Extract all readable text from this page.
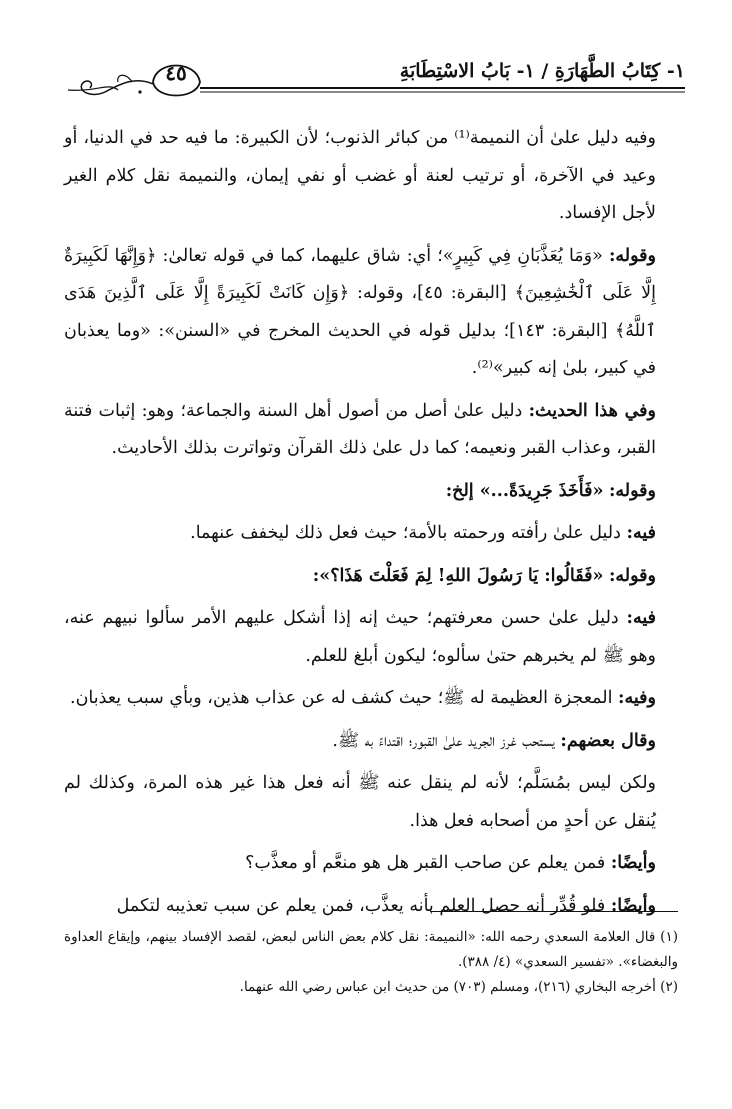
٤٥	١- كِتَابُ الطَّهَارَةِ / ١- بَابُ الاسْتِطَابَةِ

وفيه دليل علىٰ أن النميمة⁽¹⁾ من كبائر الذنوب؛ لأن الكبيرة: ما فيه حد في الدنيا، أو وعيد في الآخرة، أو ترتيب لعنة أو غضب أو نفي إيمان، والنميمة نقل كلام الغير لأجل الإفساد.

وقوله: «وَمَا يُعَذَّبَانِ فِي كَبِيرٍ»؛ أي: شاق عليهما، كما في قوله تعالىٰ: ﴿وَإِنَّهَا لَكَبِيرَةٌ إِلَّا عَلَى ٱلْخَٰشِعِينَ﴾ [البقرة: ٤٥]، وقوله: ﴿وَإِن كَانَتْ لَكَبِيرَةً إِلَّا عَلَى ٱلَّذِينَ هَدَى ٱللَّهُ﴾ [البقرة: ١٤٣]؛ بدليل قوله في الحديث المخرج في «السنن»: «وما يعذبان في كبير، بلىٰ إنه كبير»⁽²⁾.

وفي هذا الحديث: دليل علىٰ أصل من أصول أهل السنة والجماعة؛ وهو: إثبات فتنة القبر، وعذاب القبر ونعيمه؛ كما دل علىٰ ذلك القرآن وتواترت بذلك الأحاديث.

وقوله: «فَأَخَذَ جَرِيدَةً...» إلخ:

فيه: دليل علىٰ رأفته ورحمته بالأمة؛ حيث فعل ذلك ليخفف عنهما.

وقوله: «فَقَالُوا: يَا رَسُولَ اللهِ! لِمَ فَعَلْتَ هَذَا؟»:

فيه: دليل علىٰ حسن معرفتهم؛ حيث إنه إذا أشكل عليهم الأمر سألوا نبيهم عنه، وهو ﷺ لم يخبرهم حتىٰ سألوه؛ ليكون أبلغ للعلم.

وفيه: المعجزة العظيمة له ﷺ؛ حيث كشف له عن عذاب هذين، وبأي سبب يعذبان.

وقال بعضهم: يستحب غرز الجريد علىٰ القبور؛ اقتداءً به ﷺ.

ولكن ليس بمُسَلَّم؛ لأنه لم ينقل عنه ﷺ أنه فعل هذا غير هذه المرة، وكذلك لم يُنقل عن أحدٍ من أصحابه فعل هذا.

وأيضًا: فمن يعلم عن صاحب القبر هل هو منعَّم أو معذَّب؟

وأيضًا: فلو قُدِّر أنه حصل العلم بأنه يعذَّب، فمن يعلم عن سبب تعذيبه لتكمل

(١) قال العلامة السعدي رحمه الله: «النميمة: نقل كلام بعض الناس لبعض، لقصد الإفساد بينهم، وإيقاع العداوة والبغضاء». «تفسير السعدي» (٤/ ٣٨٨).

(٢) أخرجه البخاري (٢١٦)، ومسلم (٧٠٣) من حديث ابن عباس رضي الله عنهما.
